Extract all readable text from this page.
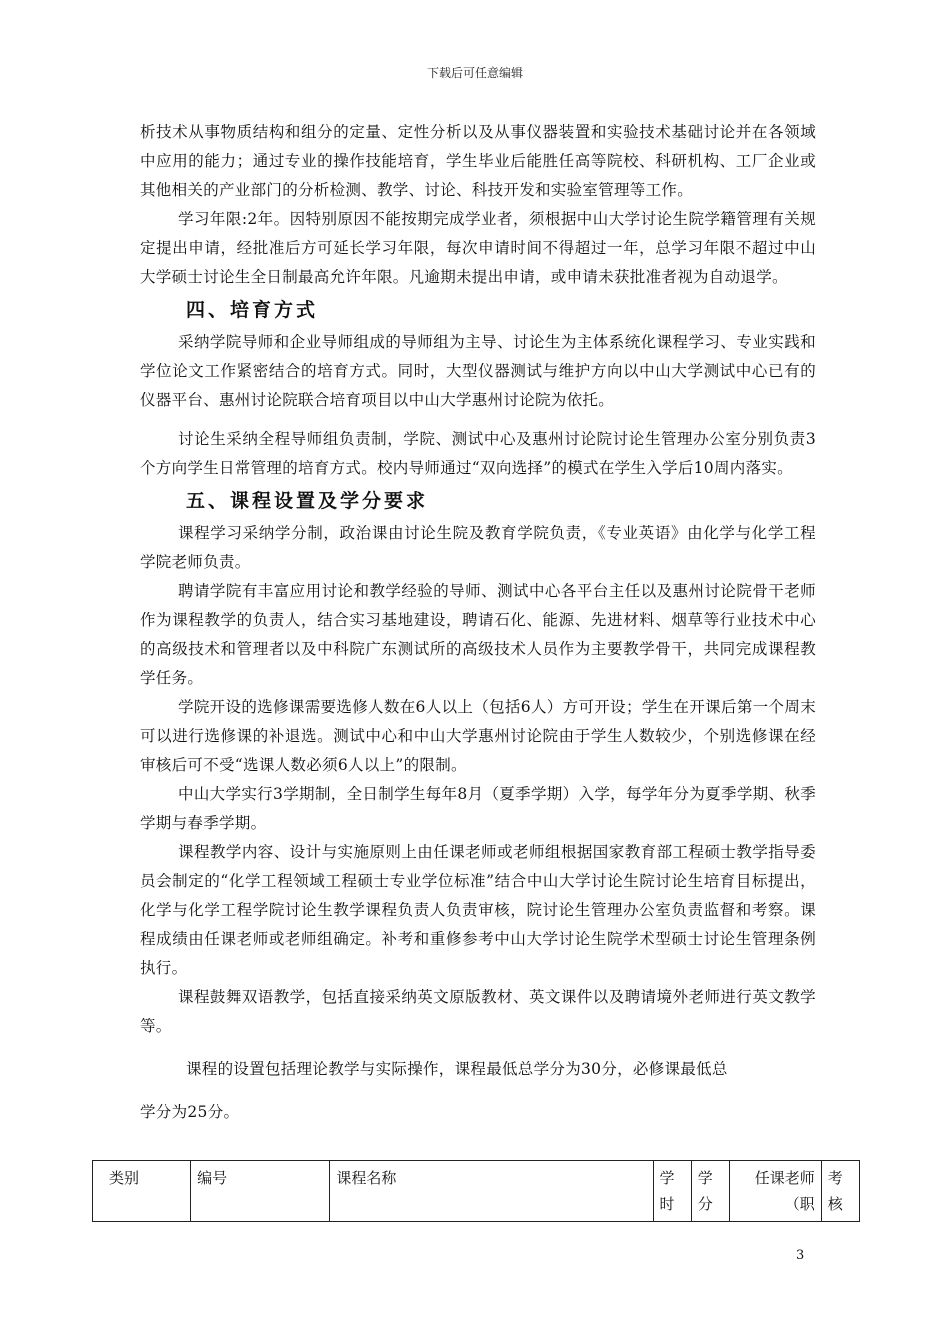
下载后可任意编辑

析技术从事物质结构和组分的定量、定性分析以及从事仪器装置和实验技术基础讨论并在各领域中应用的能力；通过专业的操作技能培育，学生毕业后能胜任高等院校、科研机构、工厂企业或其他相关的产业部门的分析检测、教学、讨论、科技开发和实验室管理等工作。

学习年限:2年。因特别原因不能按期完成学业者，须根据中山大学讨论生院学籍管理有关规定提出申请，经批准后方可延长学习年限，每次申请时间不得超过一年，总学习年限不超过中山大学硕士讨论生全日制最高允许年限。凡逾期未提出申请，或申请未获批准者视为自动退学。

四、培育方式

采纳学院导师和企业导师组成的导师组为主导、讨论生为主体系统化课程学习、专业实践和学位论文工作紧密结合的培育方式。同时，大型仪器测试与维护方向以中山大学测试中心已有的仪器平台、惠州讨论院联合培育项目以中山大学惠州讨论院为依托。

讨论生采纳全程导师组负责制，学院、测试中心及惠州讨论院讨论生管理办公室分别负责3个方向学生日常管理的培育方式。校内导师通过“双向选择”的模式在学生入学后10周内落实。

五、课程设置及学分要求

课程学习采纳学分制，政治课由讨论生院及教育学院负责，《专业英语》由化学与化学工程学院老师负责。

聘请学院有丰富应用讨论和教学经验的导师、测试中心各平台主任以及惠州讨论院骨干老师作为课程教学的负责人，结合实习基地建设，聘请石化、能源、先进材料、烟草等行业技术中心的高级技术和管理者以及中科院广东测试所的高级技术人员作为主要教学骨干，共同完成课程教学任务。

学院开设的选修课需要选修人数在6人以上（包括6人）方可开设；学生在开课后第一个周末可以进行选修课的补退选。测试中心和中山大学惠州讨论院由于学生人数较少，个别选修课在经审核后可不受“选课人数必须6人以上”的限制。

中山大学实行3学期制，全日制学生每年8月（夏季学期）入学，每学年分为夏季学期、秋季学期与春季学期。

课程教学内容、设计与实施原则上由任课老师或老师组根据国家教育部工程硕士教学指导委员会制定的“化学工程领域工程硕士专业学位标准”结合中山大学讨论生院讨论生培育目标提出，化学与化学工程学院讨论生教学课程负责人负责审核，院讨论生管理办公室负责监督和考察。课程成绩由任课老师或老师组确定。补考和重修参考中山大学讨论生院学术型硕士讨论生管理条例执行。

课程鼓舞双语教学，包括直接采纳英文原版教材、英文课件以及聘请境外老师进行英文教学等。

课程的设置包括理论教学与实际操作，课程最低总学分为30分，必修课最低总

学分为25分。

类别	编号	课程名称	学时	学分	任课老师（职	考核
3
